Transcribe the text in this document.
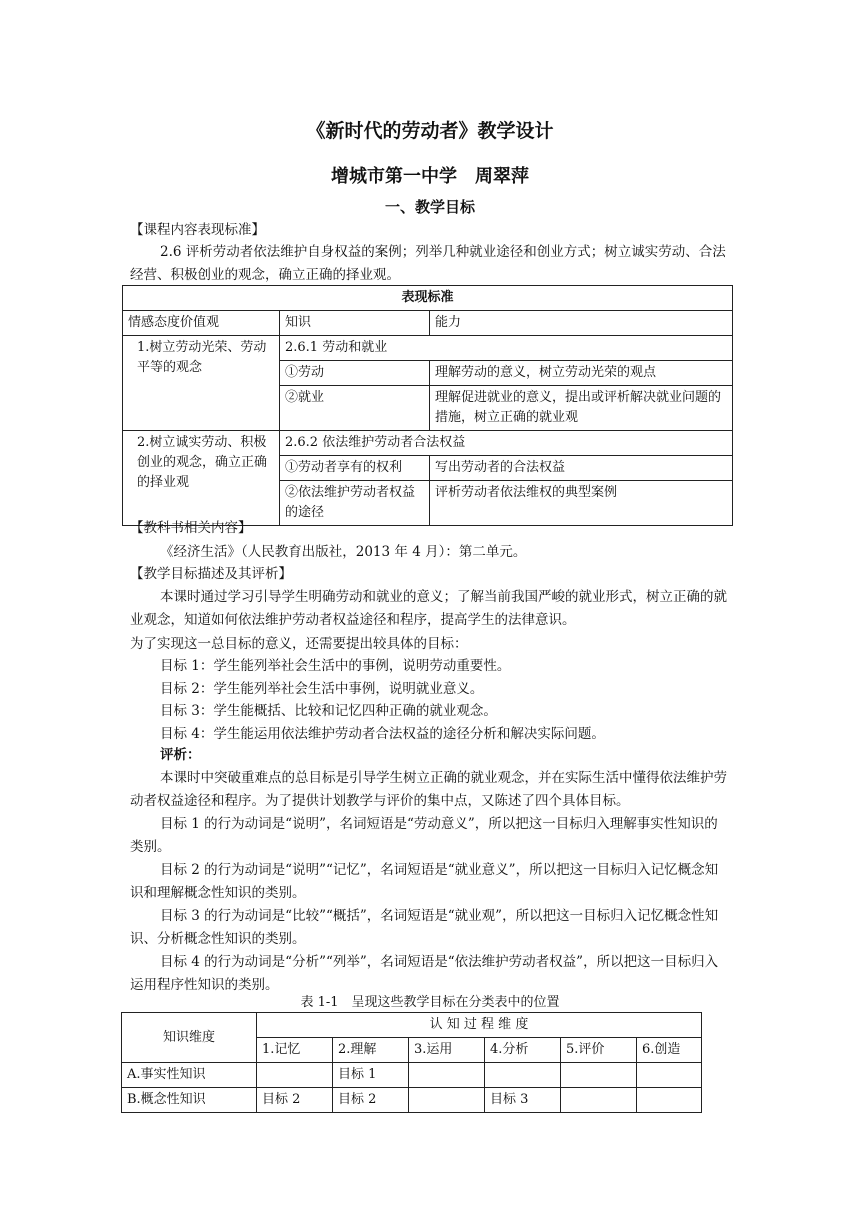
《新时代的劳动者》教学设计
增城市第一中学　周翠萍
一、教学目标
【课程内容表现标准】
2.6 评析劳动者依法维护自身权益的案例；列举几种就业途径和创业方式；树立诚实劳动、合法经营、积极创业的观念，确立正确的择业观。
表现标准		
情感态度价值观	知识	能力
1.树立劳动光荣、劳动平等的观念	2.6.1 劳动和就业	
	①劳动	理解劳动的意义，树立劳动光荣的观点
	②就业	理解促进就业的意义，提出或评析解决就业问题的措施，树立正确的就业观
2.树立诚实劳动、积极创业的观念，确立正确的择业观	2.6.2 依法维护劳动者合法权益	
	①劳动者享有的权利	写出劳动者的合法权益
	②依法维护劳动者权益的途径	评析劳动者依法维权的典型案例
【教科书相关内容】
《经济生活》（人民教育出版社，2013 年 4 月）：第二单元。
【教学目标描述及其评析】
本课时通过学习引导学生明确劳动和就业的意义；了解当前我国严峻的就业形式，树立正确的就业观念，知道如何依法维护劳动者权益途径和程序，提高学生的法律意识。
为了实现这一总目标的意义，还需要提出较具体的目标：
目标 1：学生能列举社会生活中的事例，说明劳动重要性。
目标 2：学生能列举社会生活中事例，说明就业意义。
目标 3：学生能概括、比较和记忆四种正确的就业观念。
目标 4：学生能运用依法维护劳动者合法权益的途径分析和解决实际问题。
评析：
本课时中突破重难点的总目标是引导学生树立正确的就业观念，并在实际生活中懂得依法维护劳动者权益途径和程序。为了提供计划教学与评价的集中点，又陈述了四个具体目标。
目标 1 的行为动词是“说明”，名词短语是“劳动意义”，所以把这一目标归入理解事实性知识的类别。
目标 2 的行为动词是“说明”“记忆”，名词短语是“就业意义”，所以把这一目标归入记忆概念知识和理解概念性知识的类别。
目标 3 的行为动词是“比较”“概括”，名词短语是“就业观”，所以把这一目标归入记忆概念性知识、分析概念性知识的类别。
目标 4 的行为动词是“分析”“列举”，名词短语是“依法维护劳动者权益”，所以把这一目标归入运用程序性知识的类别。
表 1-1　呈现这些教学目标在分类表中的位置
知识维度	认 知 过 程 维 度					
	1.记忆	2.理解	3.运用	4.分析	5.评价	6.创造
A.事实性知识		目标 1				
B.概念性知识	目标 2	目标 2		目标 3		
